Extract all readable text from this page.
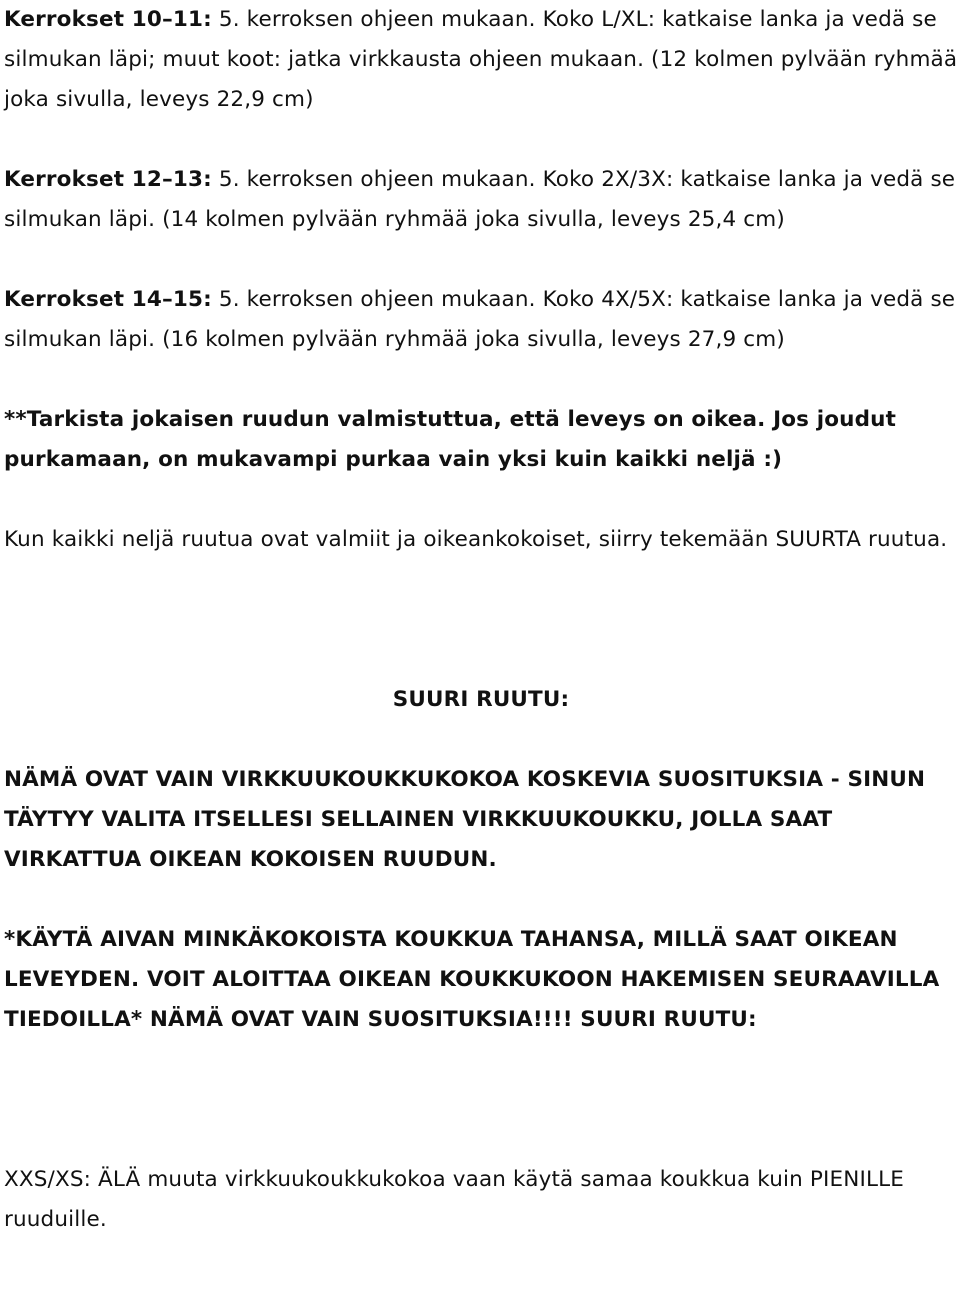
Kerrokset 10–11: 5. kerroksen ohjeen mukaan. Koko L/XL: katkaise lanka ja vedä se silmukan läpi; muut koot: jatka virkkausta ohjeen mukaan. (12 kolmen pylvään ryhmää joka sivulla, leveys 22,9 cm)

Kerrokset 12–13: 5. kerroksen ohjeen mukaan. Koko 2X/3X: katkaise lanka ja vedä se silmukan läpi. (14 kolmen pylvään ryhmää joka sivulla, leveys 25,4 cm)

Kerrokset 14–15: 5. kerroksen ohjeen mukaan. Koko 4X/5X: katkaise lanka ja vedä se silmukan läpi. (16 kolmen pylvään ryhmää joka sivulla, leveys 27,9 cm)

**Tarkista jokaisen ruudun valmistuttua, että leveys on oikea. Jos joudut purkamaan, on mukavampi purkaa vain yksi kuin kaikki neljä :)

Kun kaikki neljä ruutua ovat valmiit ja oikeankokoiset, siirry tekemään SUURTA ruutua.

SUURI RUUTU:

NÄMÄ OVAT VAIN VIRKKUUKOUKKUKOKOA KOSKEVIA SUOSITUKSIA - SINUN TÄYTYY VALITA ITSELLESI SELLAINEN VIRKKUUKOUKKU, JOLLA SAAT VIRKATTUA OIKEAN KOKOISEN RUUDUN.

*KÄYTÄ AIVAN MINKÄKOKOISTA KOUKKUA TAHANSA, MILLÄ SAAT OIKEAN LEVEYDEN. VOIT ALOITTAA OIKEAN KOUKKUKOON HAKEMISEN SEURAAVILLA TIEDOILLA* NÄMÄ OVAT VAIN SUOSITUKSIA!!!! SUURI RUUTU:

XXS/XS: ÄLÄ muuta virkkuukoukkukokoa vaan käytä samaa koukkua kuin PIENILLE ruuduille.
